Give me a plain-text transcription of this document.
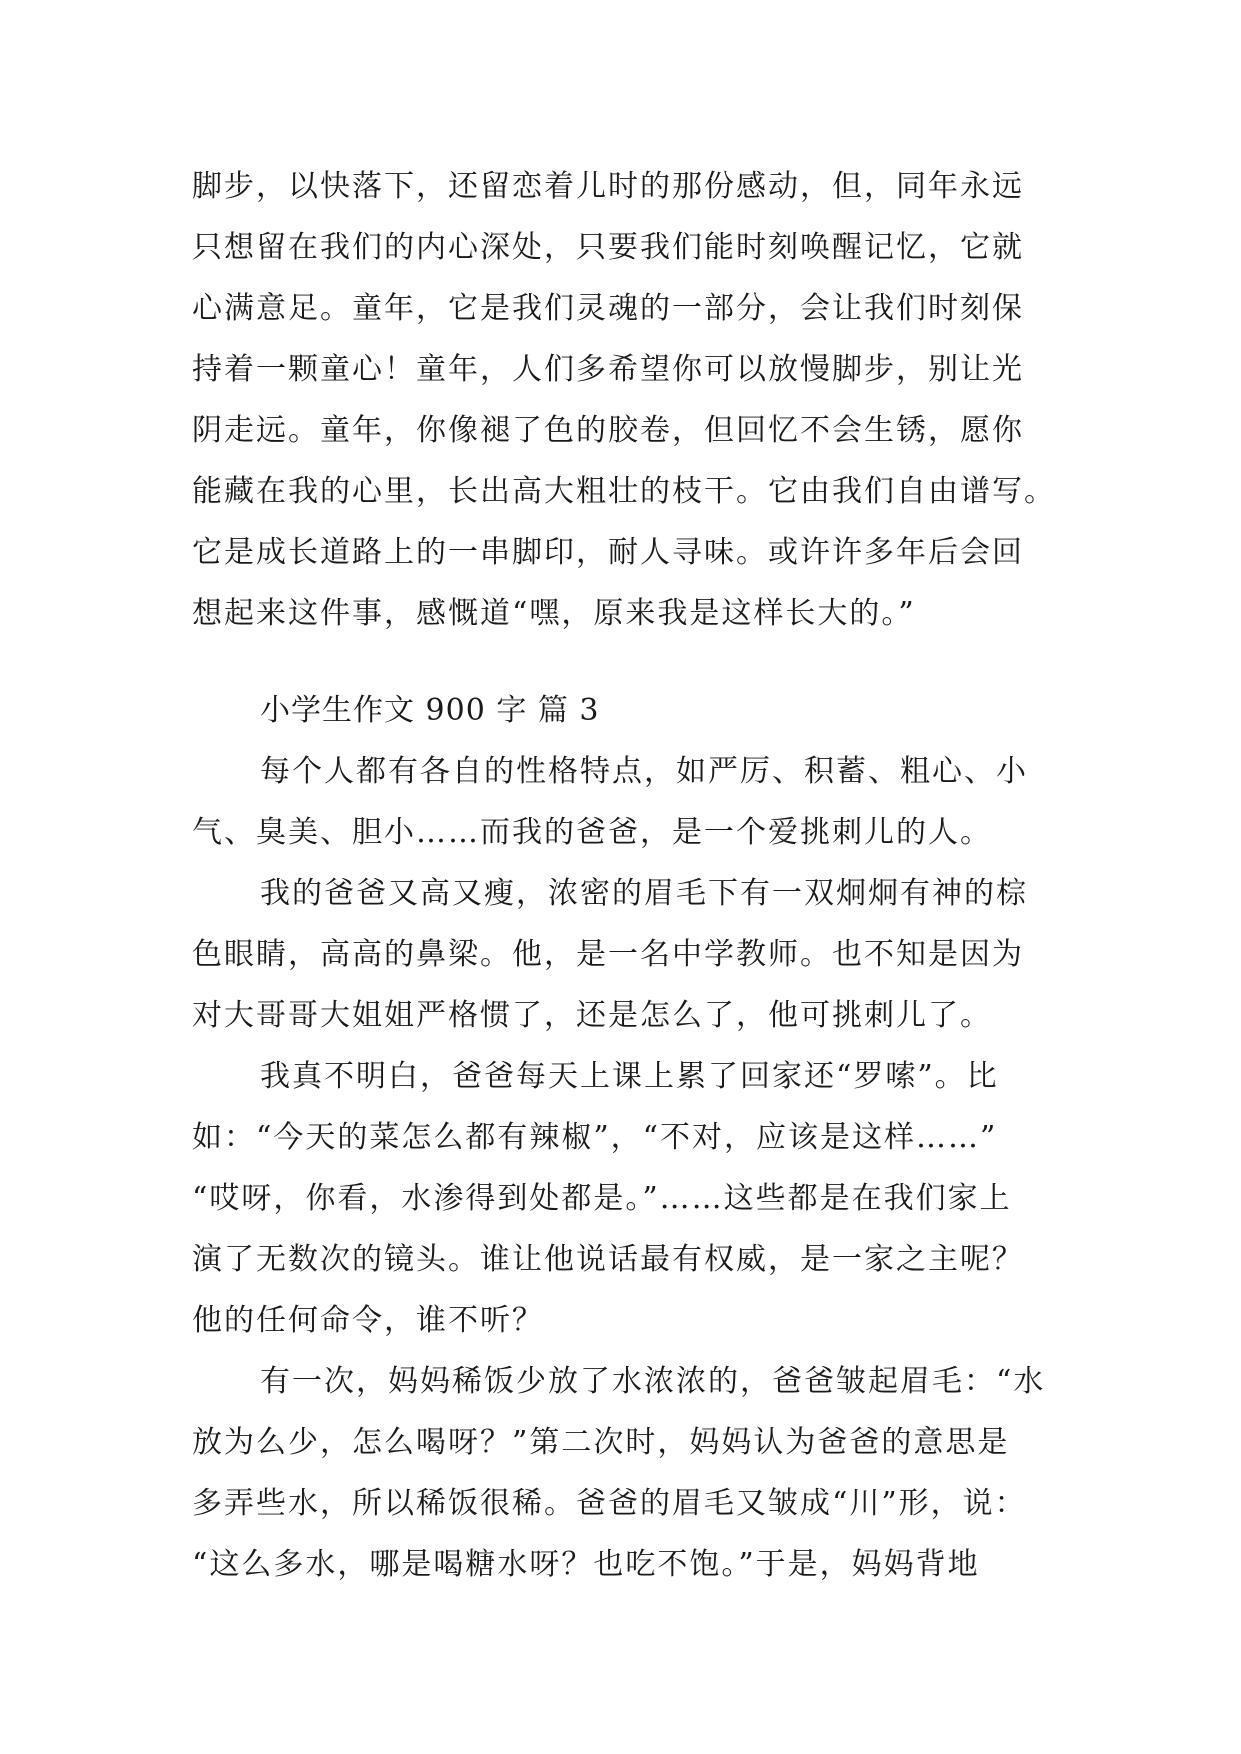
脚步，以快落下，还留恋着儿时的那份感动，但，同年永远
只想留在我们的内心深处，只要我们能时刻唤醒记忆，它就
心满意足。童年，它是我们灵魂的一部分，会让我们时刻保
持着一颗童心！童年，人们多希望你可以放慢脚步，别让光
阴走远。童年，你像褪了色的胶卷，但回忆不会生锈，愿你
能藏在我的心里，长出高大粗壮的枝干。它由我们自由谱写。
它是成长道路上的一串脚印，耐人寻味。或许许多年后会回
想起来这件事，感慨道“嘿，原来我是这样长大的。”
小学生作文 900 字 篇 3
每个人都有各自的性格特点，如严厉、积蓄、粗心、小
气、臭美、胆小……而我的爸爸，是一个爱挑刺儿的人。
我的爸爸又高又瘦，浓密的眉毛下有一双炯炯有神的棕
色眼睛，高高的鼻梁。他，是一名中学教师。也不知是因为
对大哥哥大姐姐严格惯了，还是怎么了，他可挑刺儿了。
我真不明白，爸爸每天上课上累了回家还“罗嗦”。比
如：“今天的菜怎么都有辣椒”，“不对，应该是这样……”
“哎呀，你看，水渗得到处都是。”……这些都是在我们家上
演了无数次的镜头。谁让他说话最有权威，是一家之主呢？
他的任何命令，谁不听？
有一次，妈妈稀饭少放了水浓浓的，爸爸皱起眉毛：“水
放为么少，怎么喝呀？”第二次时，妈妈认为爸爸的意思是
多弄些水，所以稀饭很稀。爸爸的眉毛又皱成“川”形，说：
“这么多水，哪是喝糖水呀？也吃不饱。”于是，妈妈背地
